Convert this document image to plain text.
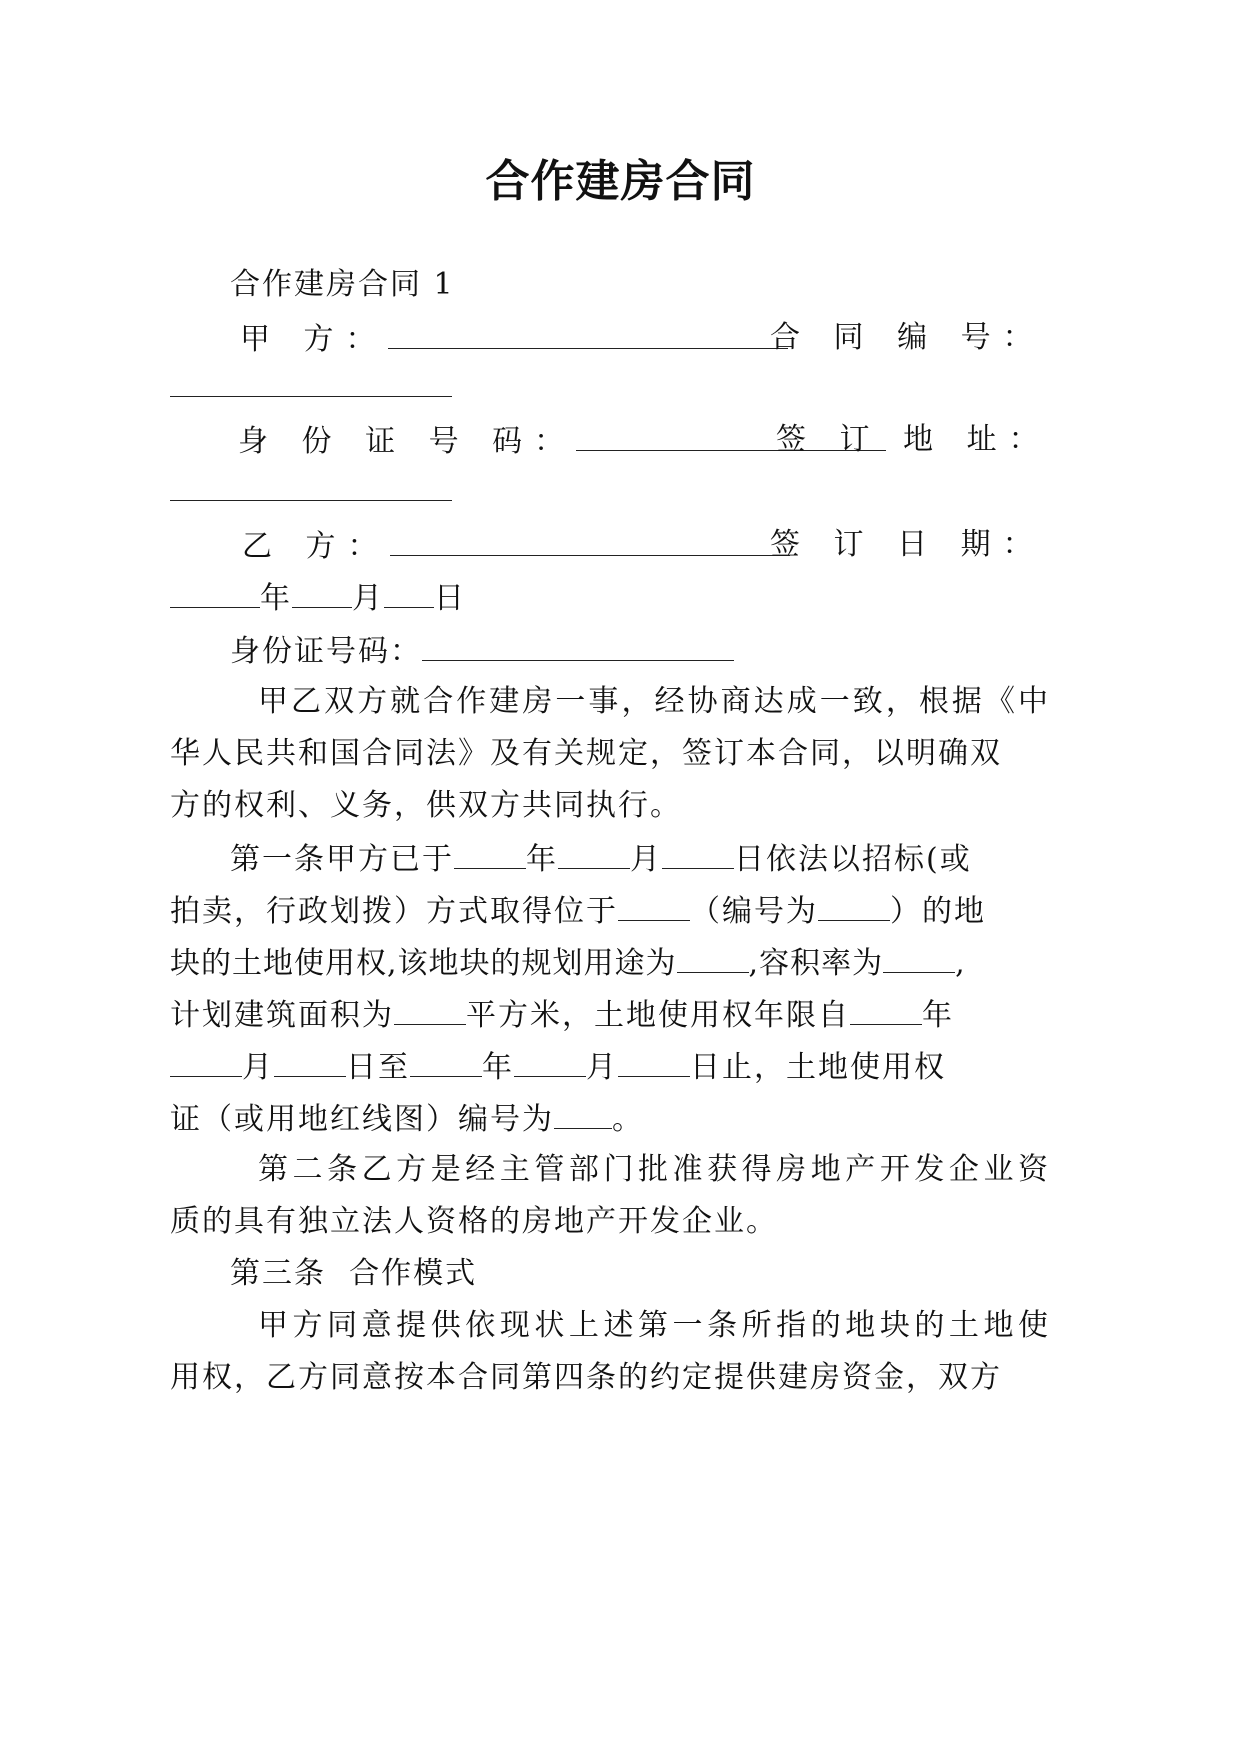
合作建房合同
合作建房合同 1
甲 方：	合 同 编 号：
身 份 证 号 码：	签 订 地 址：
乙 方：	签 订 日 期：
年 月 日
身份证号码：
甲乙双方就合作建房一事，经协商达成一致，根据《中
华人民共和国合同法》及有关规定，签订本合同，以明确双
方的权利、义务，供双方共同执行。
第一条甲方已于 年 月 日依法以招标(或
拍卖，行政划拨）方式取得位于 （编号为 ）的地
块的土地使用权,该地块的规划用途为 ,容积率为 ,
计划建筑面积为 平方米，土地使用权年限自 年
月 日至 年 月 日止，土地使用权
证（或用地红线图）编号为 。
第二条乙方是经主管部门批准获得房地产开发企业资
质的具有独立法人资格的房地产开发企业。
第三条  合作模式
甲方同意提供依现状上述第一条所指的地块的土地使
用权，乙方同意按本合同第四条的约定提供建房资金，双方
